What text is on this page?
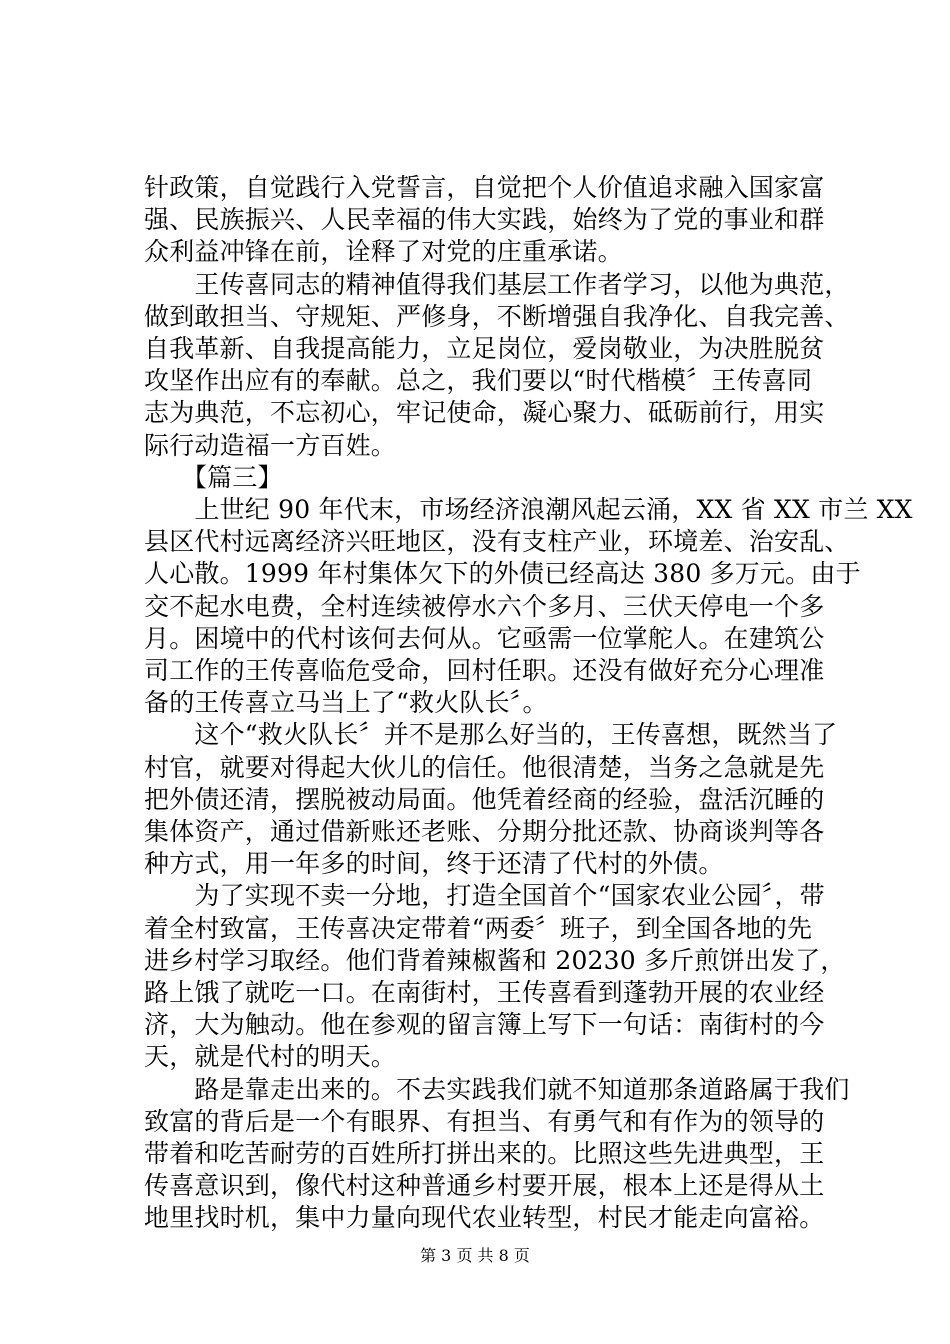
针政策，自觉践行入党誓言，自觉把个人价值追求融入国家富
强、民族振兴、人民幸福的伟大实践，始终为了党的事业和群
众利益冲锋在前，诠释了对党的庄重承诺。
　　王传喜同志的精神值得我们基层工作者学习，以他为典范，
做到敢担当、守规矩、严修身，不断增强自我净化、自我完善、
自我革新、自我提高能力，立足岗位，爱岗敬业，为决胜脱贫
攻坚作出应有的奉献。总之，我们要以“时代楷模〞王传喜同
志为典范，不忘初心，牢记使命，凝心聚力、砥砺前行，用实
际行动造福一方百姓。
　　【篇三】
　　上世纪 90 年代末，市场经济浪潮风起云涌，XX 省 XX 市兰 XX
县区代村远离经济兴旺地区，没有支柱产业，环境差、治安乱、
人心散。1999 年村集体欠下的外债已经高达 380 多万元。由于
交不起水电费，全村连续被停水六个多月、三伏天停电一个多
月。困境中的代村该何去何从。它亟需一位掌舵人。在建筑公
司工作的王传喜临危受命，回村任职。还没有做好充分心理准
备的王传喜立马当上了“救火队长〞。
　　这个“救火队长〞并不是那么好当的，王传喜想，既然当了
村官，就要对得起大伙儿的信任。他很清楚，当务之急就是先
把外债还清，摆脱被动局面。他凭着经商的经验，盘活沉睡的
集体资产，通过借新账还老账、分期分批还款、协商谈判等各
种方式，用一年多的时间，终于还清了代村的外债。
　　为了实现不卖一分地，打造全国首个“国家农业公园〞，带
着全村致富，王传喜决定带着“两委〞班子，到全国各地的先
进乡村学习取经。他们背着辣椒酱和 20230 多斤煎饼出发了，
路上饿了就吃一口。在南街村，王传喜看到蓬勃开展的农业经
济，大为触动。他在参观的留言簿上写下一句话：南街村的今
天，就是代村的明天。
　　路是靠走出来的。不去实践我们就不知道那条道路属于我们
致富的背后是一个有眼界、有担当、有勇气和有作为的领导的
带着和吃苦耐劳的百姓所打拼出来的。比照这些先进典型，王
传喜意识到，像代村这种普通乡村要开展，根本上还是得从土
地里找时机，集中力量向现代农业转型，村民才能走向富裕。
第 3 页 共 8 页
